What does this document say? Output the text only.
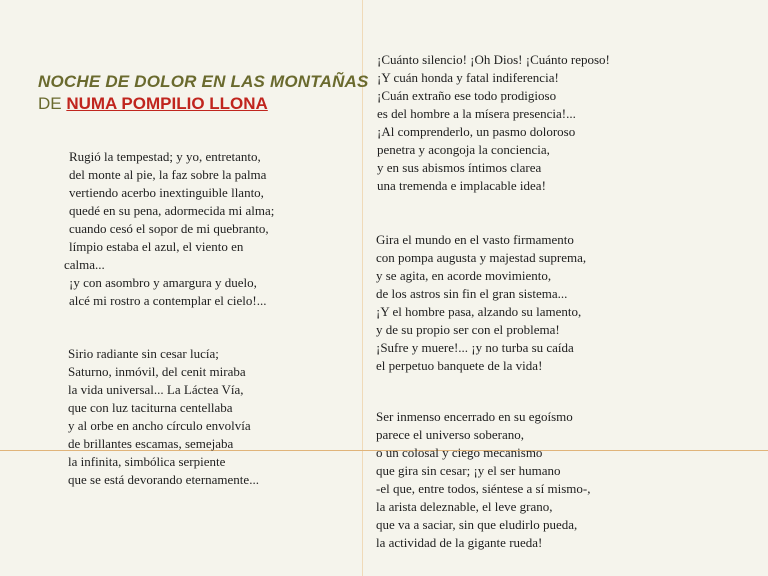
NOCHE DE DOLOR EN LAS MONTAÑAS
DE NUMA POMPILIO LLONA
Rugió la tempestad; y yo, entretanto,
del monte al pie, la faz sobre la palma
vertiendo acerbo inextinguible llanto,
quedé en su pena, adormecida mi alma;
cuando cesó el sopor de mi quebranto,
límpio estaba el azul, el viento en
calma...
¡y con asombro y amargura y duelo,
alcé mi rostro a contemplar el cielo!...
Sirio radiante sin cesar lucía;
Saturno, inmóvil, del cenit miraba
la vida universal... La Láctea Vía,
que con luz taciturna centellaba
y al orbe en ancho círculo envolvía
de brillantes escamas, semejaba
la infinita, simbólica serpiente
que se está devorando eternamente...
¡Cuánto silencio! ¡Oh Dios! ¡Cuánto reposo!
¡Y cuán honda y fatal indiferencia!
¡Cuán extraño ese todo prodigioso
es del hombre a la mísera presencia!...
¡Al comprenderlo, un pasmo doloroso
penetra y acongoja la conciencia,
y en sus abismos íntimos clarea
una tremenda e implacable idea!
Gira el mundo en el vasto firmamento
con pompa augusta y majestad suprema,
y se agita, en acorde movimiento,
de los astros sin fin el gran sistema...
¡Y el hombre pasa, alzando su lamento,
y de su propio ser con el problema!
¡Sufre y muere!... ¡y no turba su caída
el perpetuo banquete de la vida!
Ser inmenso encerrado en su egoísmo
parece el universo soberano,
o un colosal y ciego mecanismo
que gira sin cesar; ¡y el ser humano
-el que, entre todos, siéntese a sí mismo-,
la arista deleznable, el leve grano,
que va a saciar, sin que eludirlo pueda,
la actividad de la gigante rueda!
